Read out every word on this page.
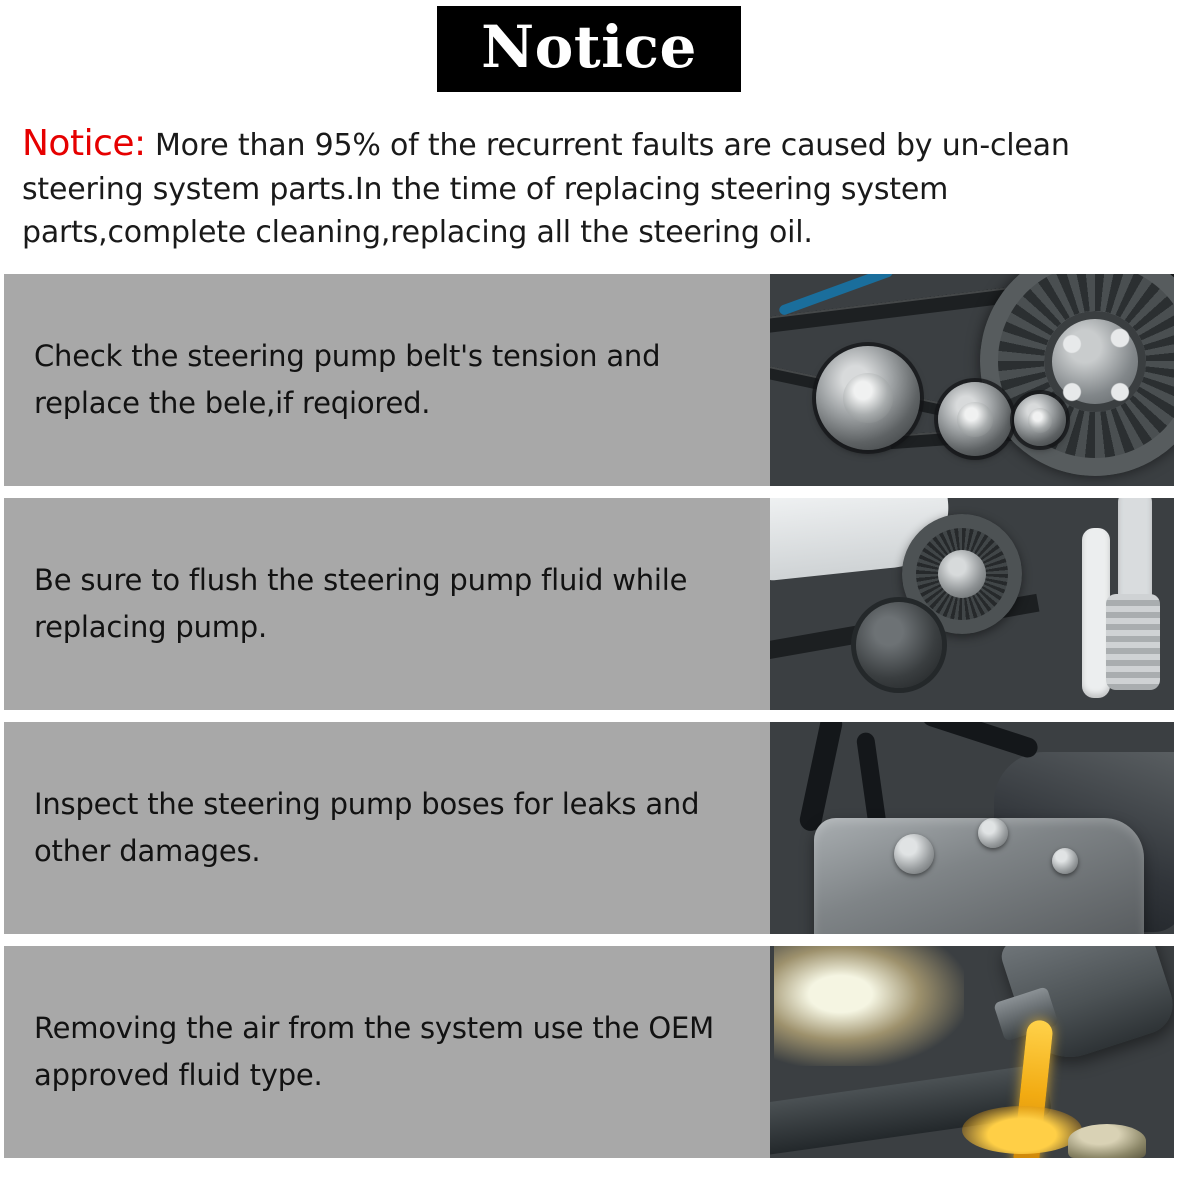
Notice
Notice: More than 95% of the recurrent faults are caused by un-clean steering system parts.In the time of replacing steering system parts,complete cleaning,replacing all the steering oil.

Check the steering pump belt's tension and replace the bele,if reqiored.

Be sure to flush the steering pump fluid while replacing pump.

Inspect the steering pump boses for leaks and other damages.

Removing the air from the system use the OEM approved fluid type.
